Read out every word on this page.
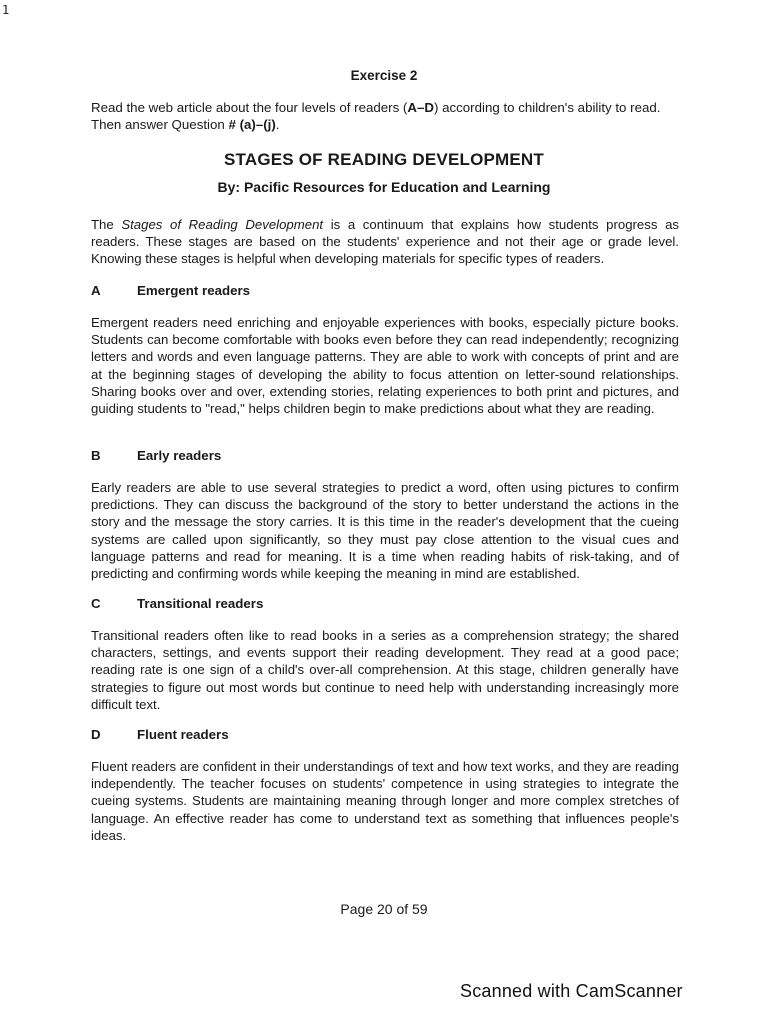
1
Exercise 2
Read the web article about the four levels of readers (A–D) according to children's ability to read.
Then answer Question # (a)–(j).
STAGES OF READING DEVELOPMENT
By: Pacific Resources for Education and Learning

The Stages of Reading Development is a continuum that explains how students progress as readers. These stages are based on the students' experience and not their age or grade level. Knowing these stages is helpful when developing materials for specific types of readers.

A	Emergent readers

Emergent readers need enriching and enjoyable experiences with books, especially picture books. Students can become comfortable with books even before they can read independently; recognizing letters and words and even language patterns. They are able to work with concepts of print and are at the beginning stages of developing the ability to focus attention on letter-sound relationships. Sharing books over and over, extending stories, relating experiences to both print and pictures, and guiding students to "read," helps children begin to make predictions about what they are reading.

B	Early readers

Early readers are able to use several strategies to predict a word, often using pictures to confirm predictions. They can discuss the background of the story to better understand the actions in the story and the message the story carries. It is this time in the reader's development that the cueing systems are called upon significantly, so they must pay close attention to the visual cues and language patterns and read for meaning. It is a time when reading habits of risk-taking, and of predicting and confirming words while keeping the meaning in mind are established.

C	Transitional readers

Transitional readers often like to read books in a series as a comprehension strategy; the shared characters, settings, and events support their reading development. They read at a good pace; reading rate is one sign of a child's over-all comprehension. At this stage, children generally have strategies to figure out most words but continue to need help with understanding increasingly more difficult text.

D	Fluent readers

Fluent readers are confident in their understandings of text and how text works, and they are reading independently. The teacher focuses on students' competence in using strategies to integrate the cueing systems. Students are maintaining meaning through longer and more complex stretches of language. An effective reader has come to understand text as something that influences people's ideas.

Page 20 of 59
Scanned with CamScanner
